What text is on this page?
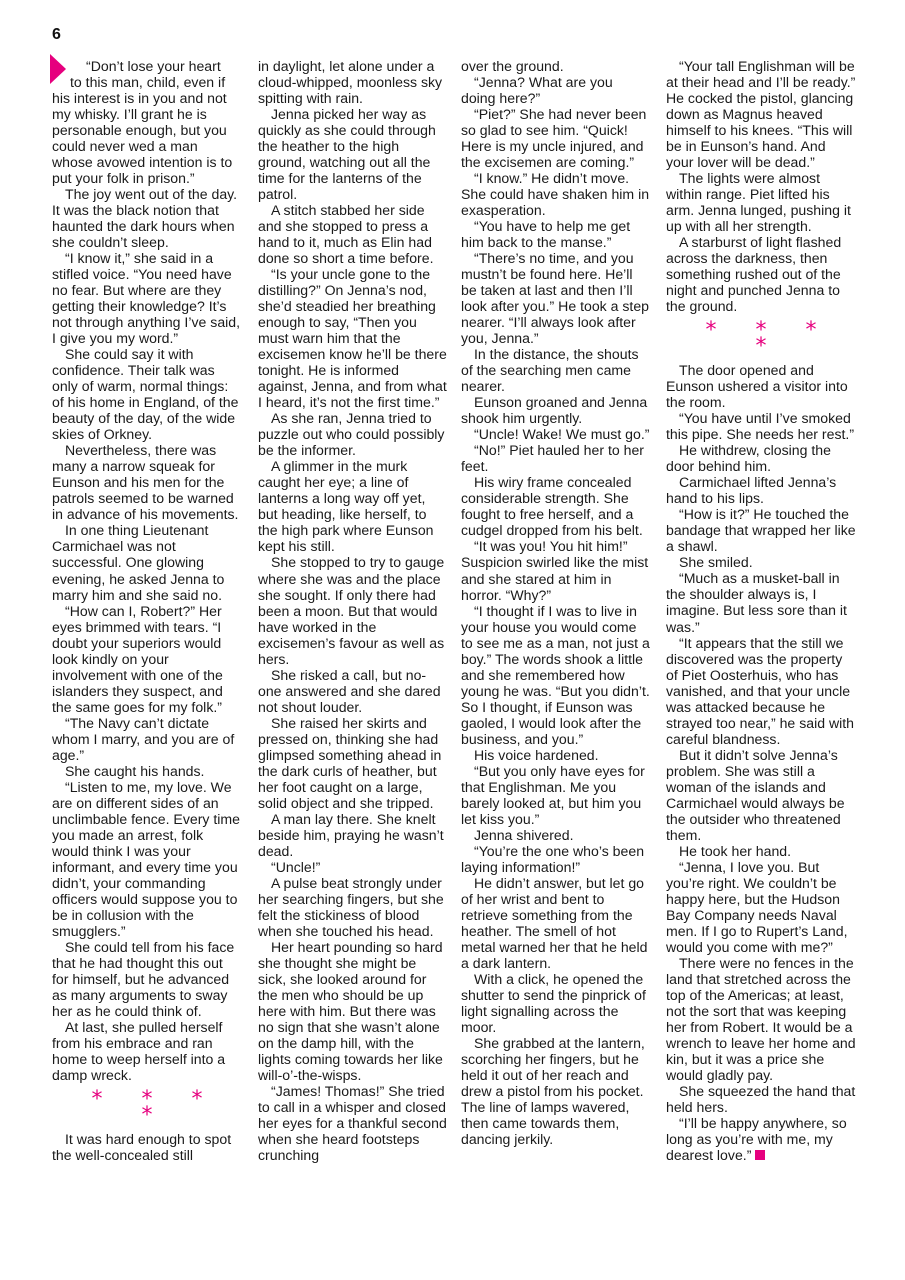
6

“Don’t lose your heart

to this man, child, even if

his interest is in you and not my whisky. I’ll grant he is personable enough, but you could never wed a man whose avowed intention is to put your folk in prison.”

The joy went out of the day. It was the black notion that haunted the dark hours when she couldn’t sleep.

“I know it,” she said in a stifled voice. “You need have no fear. But where are they getting their knowledge? It’s not through anything I’ve said, I give you my word.”

She could say it with confidence. Their talk was only of warm, normal things: of his home in England, of the beauty of the day, of the wide skies of Orkney.

Nevertheless, there was many a narrow squeak for Eunson and his men for the patrols seemed to be warned in advance of his movements.

In one thing Lieutenant Carmichael was not successful. One glowing evening, he asked Jenna to marry him and she said no.

“How can I, Robert?” Her eyes brimmed with tears. “I doubt your superiors would look kindly on your involvement with one of the islanders they suspect, and the same goes for my folk.”

“The Navy can’t dictate whom I marry, and you are of age.”

She caught his hands.

“Listen to me, my love. We are on different sides of an unclimbable fence. Every time you made an arrest, folk would think I was your informant, and every time you didn’t, your commanding officers would suppose you to be in collusion with the smugglers.”

She could tell from his face that he had thought this out for himself, but he advanced as many arguments to sway her as he could think of.

At last, she pulled herself from his embrace and ran home to weep herself into a damp wreck.

* * * *

It was hard enough to spot the well-concealed still

in daylight, let alone under a cloud-whipped, moonless sky spitting with rain.

Jenna picked her way as quickly as she could through the heather to the high ground, watching out all the time for the lanterns of the patrol.

A stitch stabbed her side and she stopped to press a hand to it, much as Elin had done so short a time before.

“Is your uncle gone to the distilling?” On Jenna’s nod, she’d steadied her breathing enough to say, “Then you must warn him that the excisemen know he’ll be there tonight. He is informed against, Jenna, and from what I heard, it’s not the first time.”

As she ran, Jenna tried to puzzle out who could possibly be the informer.

A glimmer in the murk caught her eye; a line of lanterns a long way off yet, but heading, like herself, to the high park where Eunson kept his still.

She stopped to try to gauge where she was and the place she sought. If only there had been a moon. But that would have worked in the excisemen’s favour as well as hers.

She risked a call, but no-one answered and she dared not shout louder.

She raised her skirts and pressed on, thinking she had glimpsed something ahead in the dark curls of heather, but her foot caught on a large, solid object and she tripped.

A man lay there. She knelt beside him, praying he wasn’t dead.

“Uncle!”

A pulse beat strongly under her searching fingers, but she felt the stickiness of blood when she touched his head.

Her heart pounding so hard she thought she might be sick, she looked around for the men who should be up here with him. But there was no sign that she wasn’t alone on the damp hill, with the lights coming towards her like will-o’-the-wisps.

“James! Thomas!” She tried to call in a whisper and closed her eyes for a thankful second when she heard footsteps crunching

over the ground.

“Jenna? What are you doing here?”

“Piet?” She had never been so glad to see him. “Quick! Here is my uncle injured, and the excisemen are coming.”

“I know.” He didn’t move. She could have shaken him in exasperation.

“You have to help me get him back to the manse.”

“There’s no time, and you mustn’t be found here. He’ll be taken at last and then I’ll look after you.” He took a step nearer. “I’ll always look after you, Jenna.”

In the distance, the shouts of the searching men came nearer.

Eunson groaned and Jenna shook him urgently.

“Uncle! Wake! We must go.”

“No!” Piet hauled her to her feet.

His wiry frame concealed considerable strength. She fought to free herself, and a cudgel dropped from his belt.

“It was you! You hit him!” Suspicion swirled like the mist and she stared at him in horror. “Why?”

“I thought if I was to live in your house you would come to see me as a man, not just a boy.” The words shook a little and she remembered how young he was. “But you didn’t. So I thought, if Eunson was gaoled, I would look after the business, and you.”

His voice hardened.

“But you only have eyes for that Englishman. Me you barely looked at, but him you let kiss you.”

Jenna shivered.

“You’re the one who’s been laying information!”

He didn’t answer, but let go of her wrist and bent to retrieve something from the heather. The smell of hot metal warned her that he held a dark lantern.

With a click, he opened the shutter to send the pinprick of light signalling across the moor.

She grabbed at the lantern, scorching her fingers, but he held it out of her reach and drew a pistol from his pocket. The line of lamps wavered, then came towards them, dancing jerkily.

“Your tall Englishman will be at their head and I’ll be ready.” He cocked the pistol, glancing down as Magnus heaved himself to his knees. “This will be in Eunson’s hand. And your lover will be dead.”

The lights were almost within range. Piet lifted his arm. Jenna lunged, pushing it up with all her strength.

A starburst of light flashed across the darkness, then something rushed out of the night and punched Jenna to the ground.

* * * *

The door opened and Eunson ushered a visitor into the room.

“You have until I’ve smoked this pipe. She needs her rest.”

He withdrew, closing the door behind him.

Carmichael lifted Jenna’s hand to his lips.

“How is it?” He touched the bandage that wrapped her like a shawl.

She smiled.

“Much as a musket-ball in the shoulder always is, I imagine. But less sore than it was.”

“It appears that the still we discovered was the property of Piet Oosterhuis, who has vanished, and that your uncle was attacked because he strayed too near,” he said with careful blandness.

But it didn’t solve Jenna’s problem. She was still a woman of the islands and Carmichael would always be the outsider who threatened them.

He took her hand.

“Jenna, I love you. But you’re right. We couldn’t be happy here, but the Hudson Bay Company needs Naval men. If I go to Rupert’s Land, would you come with me?”

There were no fences in the land that stretched across the top of the Americas; at least, not the sort that was keeping her from Robert. It would be a wrench to leave her home and kin, but it was a price she would gladly pay.

She squeezed the hand that held hers.

“I’ll be happy anywhere, so long as you’re with me, my dearest love.”
